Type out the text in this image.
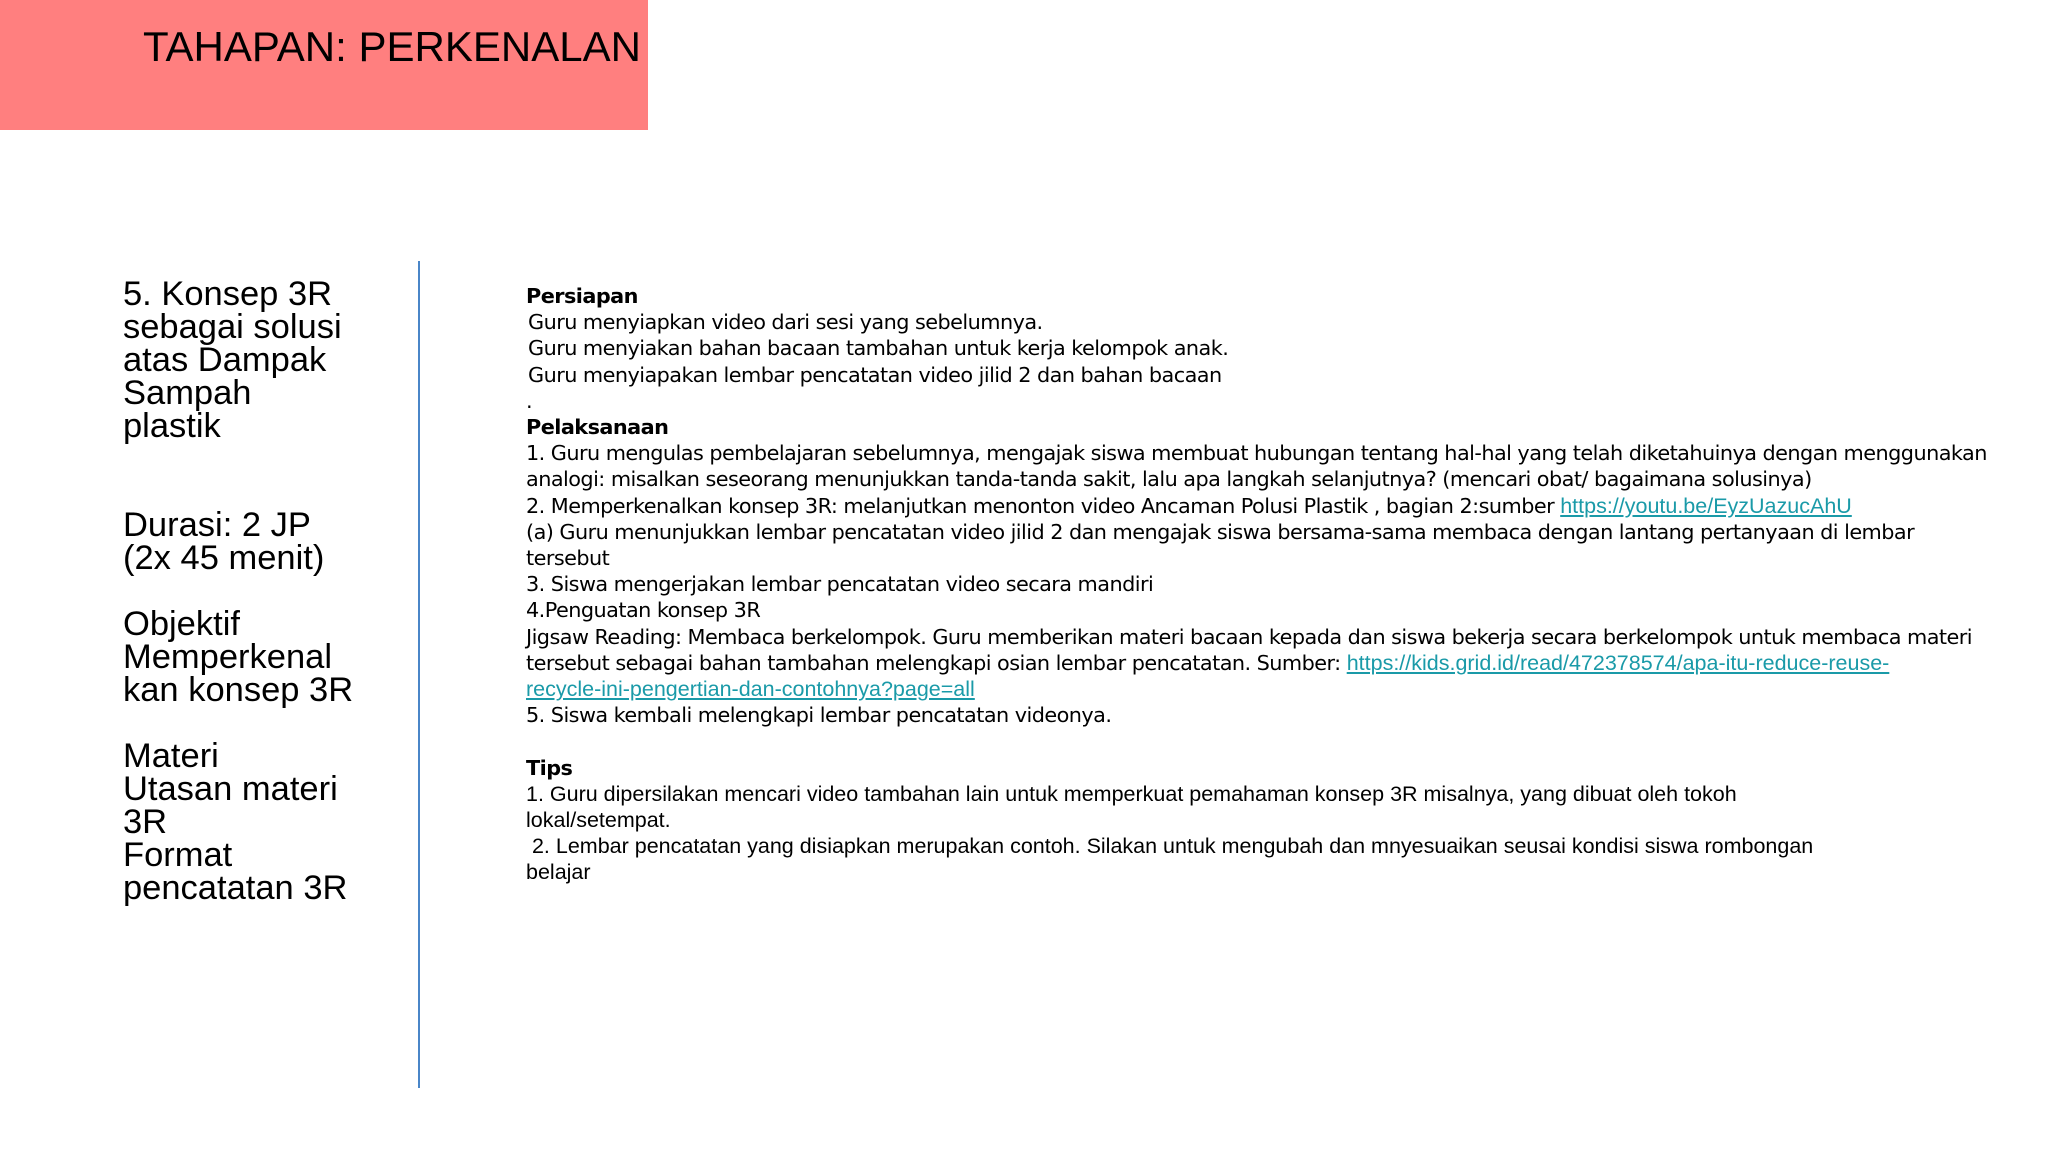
TAHAPAN: PERKENALAN
5. Konsep 3R
sebagai solusi
atas Dampak
Sampah
plastik
Durasi: 2 JP
(2x 45 menit)
Objektif
Memperkenal
kan konsep 3R
Materi
Utasan materi
3R
Format
pencatatan 3R
Persiapan
Guru menyiapkan video dari sesi yang sebelumnya.
Guru menyiakan bahan bacaan tambahan untuk kerja kelompok anak.
Guru menyiapakan lembar pencatatan video jilid 2 dan bahan bacaan
.
Pelaksanaan
1. Guru mengulas pembelajaran sebelumnya, mengajak siswa membuat hubungan tentang hal-hal yang telah diketahuinya dengan menggunakan
analogi: misalkan seseorang menunjukkan tanda-tanda sakit, lalu apa langkah selanjutnya? (mencari obat/ bagaimana solusinya)
2. Memperkenalkan konsep 3R: melanjutkan menonton video Ancaman Polusi Plastik , bagian 2:sumber https://youtu.be/EyzUazucAhU
(a) Guru menunjukkan lembar pencatatan video jilid 2 dan mengajak siswa bersama-sama membaca dengan lantang pertanyaan di lembar
tersebut
3. Siswa mengerjakan lembar pencatatan video secara mandiri
4.Penguatan konsep 3R
Jigsaw Reading: Membaca berkelompok. Guru memberikan materi bacaan kepada dan siswa bekerja secara berkelompok untuk membaca materi
tersebut sebagai bahan tambahan melengkapi osian lembar pencatatan. Sumber: https://kids.grid.id/read/472378574/apa-itu-reduce-reuse-
recycle-ini-pengertian-dan-contohnya?page=all
5. Siswa kembali melengkapi lembar pencatatan videonya.
Tips
1. Guru dipersilakan mencari video tambahan lain untuk memperkuat pemahaman konsep 3R misalnya, yang dibuat oleh tokoh
lokal/setempat.
2. Lembar pencatatan yang disiapkan merupakan contoh. Silakan untuk mengubah dan mnyesuaikan seusai kondisi siswa rombongan
belajar
